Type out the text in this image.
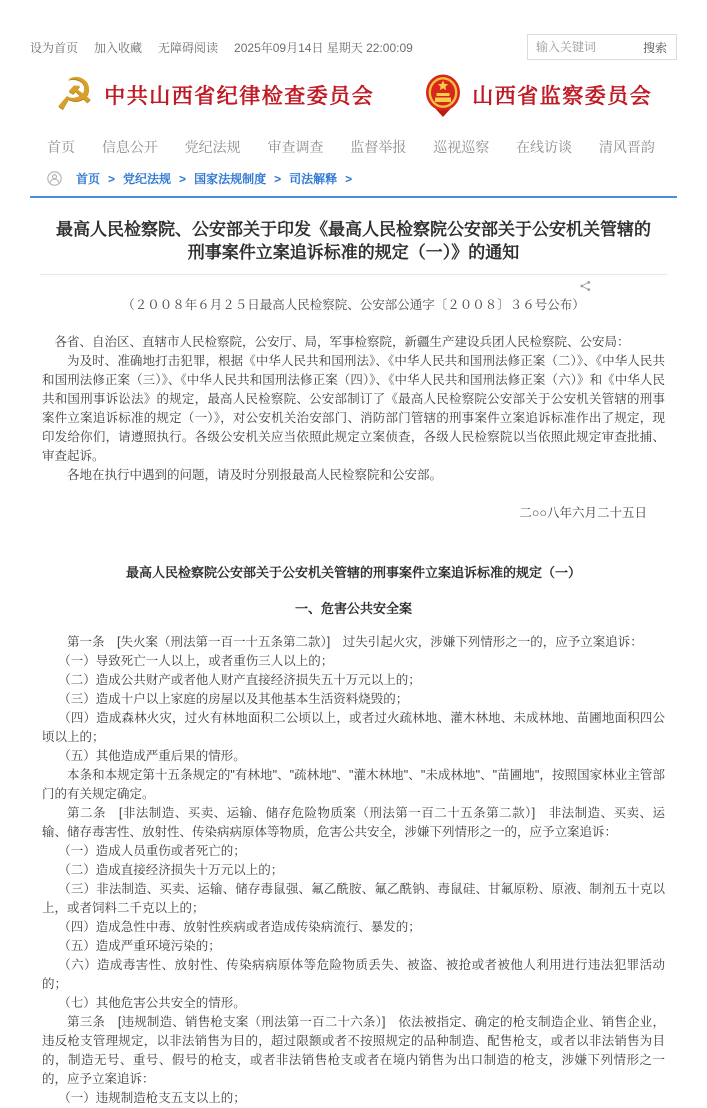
设为首页 加入收藏 无障碍阅读 2025年09月14日 星期天 22:00:09
输入关键词	搜索
☭ 中共山西省纪律检查委员会	山西省监察委员会
首页 信息公开 党纪法规 审查调查 监督举报 巡视巡察 在线访谈 清风晋韵
首页 > 党纪法规 > 国家法规制度 > 司法解释 >
最高人民检察院、公安部关于印发《最高人民检察院公安部关于公安机关管辖的刑事案件立案追诉标准的规定（一）》的通知

（２００８年６月２５日最高人民检察院、公安部公通字〔２００８〕３６号公布）

各省、自治区、直辖市人民检察院，公安厅、局，军事检察院，新疆生产建设兵团人民检察院、公安局：
为及时、准确地打击犯罪，根据《中华人民共和国刑法》、《中华人民共和国刑法修正案（二）》、《中华人民共和国刑法修正案（三）》、《中华人民共和国刑法修正案（四）》、《中华人民共和国刑法修正案（六）》和《中华人民共和国刑事诉讼法》的规定，最高人民检察院、公安部制订了《最高人民检察院公安部关于公安机关管辖的刑事案件立案追诉标准的规定（一）》，对公安机关治安部门、消防部门管辖的刑事案件立案追诉标准作出了规定，现印发给你们，请遵照执行。各级公安机关应当依照此规定立案侦查，各级人民检察院以当依照此规定审查批捕、审查起诉。
各地在执行中遇到的问题，请及时分别报最高人民检察院和公安部。
二○○八年六月二十五日
最高人民检察院公安部关于公安机关管辖的刑事案件立案追诉标准的规定（一）
一、危害公共安全案
第一条　[失火案（刑法第一百一十五条第二款）]　过失引起火灾，涉嫌下列情形之一的，应予立案追诉：
（一）导致死亡一人以上，或者重伤三人以上的；
（二）造成公共财产或者他人财产直接经济损失五十万元以上的；
（三）造成十户以上家庭的房屋以及其他基本生活资料烧毁的；
（四）造成森林火灾，过火有林地面积二公顷以上，或者过火疏林地、灌木林地、未成林地、苗圃地面积四公顷以上的；
（五）其他造成严重后果的情形。
本条和本规定第十五条规定的"有林地"、"疏林地"、"灌木林地"、"未成林地"、"苗圃地"，按照国家林业主管部门的有关规定确定。
第二条　[非法制造、买卖、运输、储存危险物质案（刑法第一百二十五条第二款）]　非法制造、买卖、运输、储存毒害性、放射性、传染病病原体等物质，危害公共安全，涉嫌下列情形之一的，应予立案追诉：
（一）造成人员重伤或者死亡的；
（二）造成直接经济损失十万元以上的；
（三）非法制造、买卖、运输、储存毒鼠强、氟乙酰胺、氟乙酰钠、毒鼠硅、甘氟原粉、原液、制剂五十克以上，或者饲料二千克以上的；
（四）造成急性中毒、放射性疾病或者造成传染病流行、暴发的；
（五）造成严重环境污染的；
（六）造成毒害性、放射性、传染病病原体等危险物质丢失、被盗、被抢或者被他人利用进行违法犯罪活动的；
（七）其他危害公共安全的情形。
第三条　[违规制造、销售枪支案（刑法第一百二十六条）]　依法被指定、确定的枪支制造企业、销售企业，违反枪支管理规定，以非法销售为目的，超过限额或者不按照规定的品种制造、配售枪支，或者以非法销售为目的，制造无号、重号、假号的枪支，或者非法销售枪支或者在境内销售为出口制造的枪支，涉嫌下列情形之一的，应予立案追诉：
（一）违规制造枪支五支以上的；
